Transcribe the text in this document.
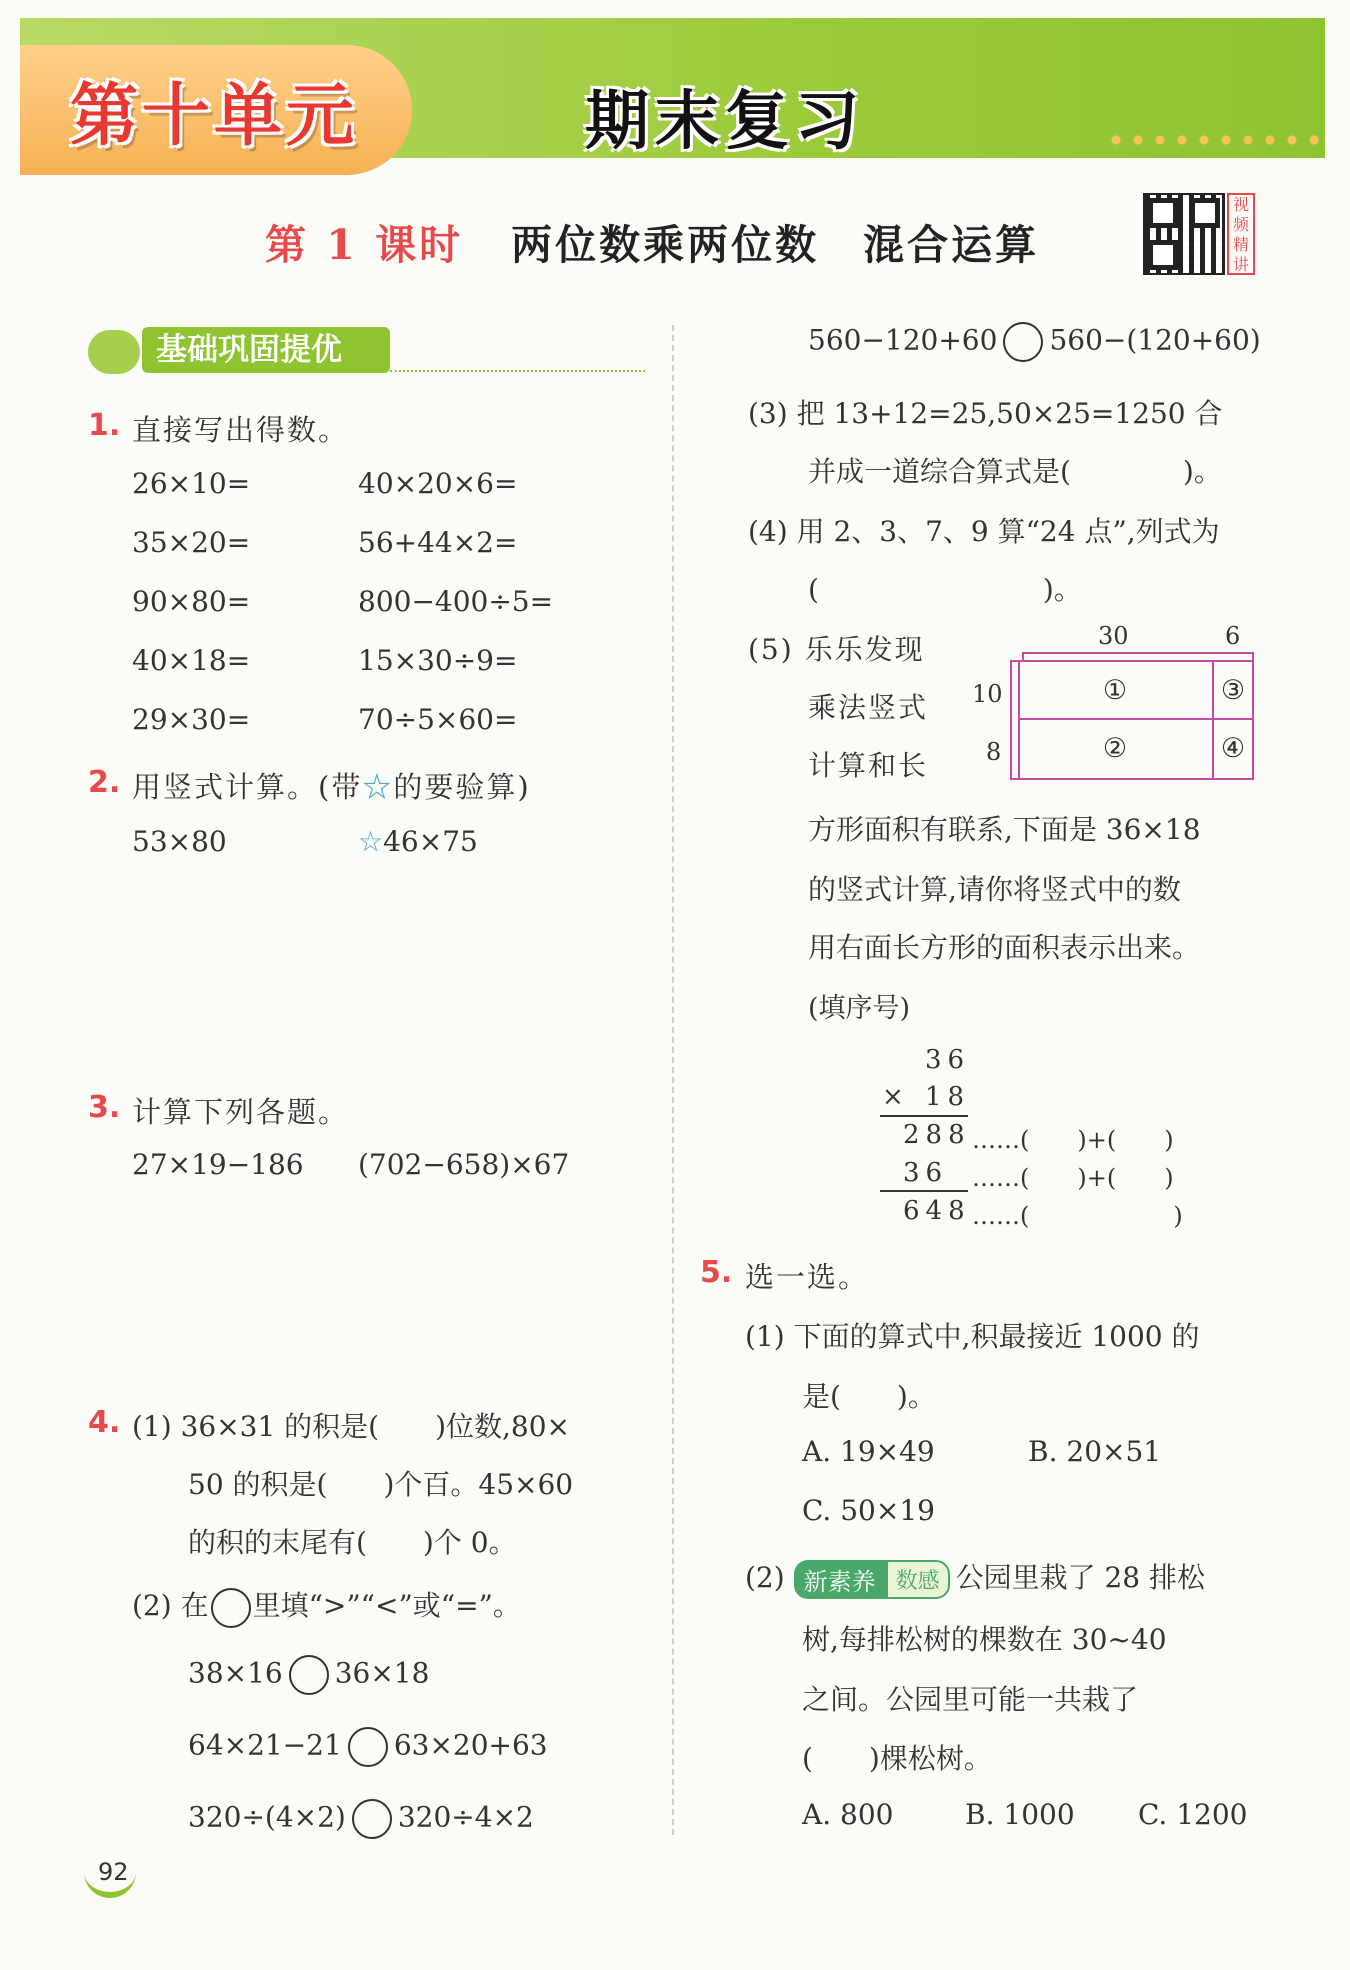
第十单元	期末复习
第 1 课时 两位数乘两位数　混合运算
视频精讲
基础巩固提优
1. 直接写出得数。
26×10=	40×20×6=
35×20=	56+44×2=
90×80=	800−400÷5=
40×18=	15×30÷9=
29×30=	70÷5×60=
2. 用竖式计算。(带☆的要验算)
53×80	☆46×75
3. 计算下列各题。
27×19−186 (702−658)×67
4. (1) 36×31 的积是(　　)位数,80×
50 的积是(　　)个百。45×60
的积的末尾有(　　)个 0。
(2) 在 里填“>”“<”或“=”。
38×16 36×18
64×21−21 63×20+63
320÷(4×2) 320÷4×2
560−120+60 560−(120+60)
(3) 把 13+12=25,50×25=1250 合
并成一道综合算式是(　　　　)。
(4) 用 2、3、7、9 算“24 点”,列式为
(　　　　　　　　)。
(5) 乐乐发现
乘法竖式
计算和长
30	6
10
8
①	③
②	④
方形面积有联系,下面是 36×18
的竖式计算,请你将竖式中的数
用右面长方形的面积表示出来。
(填序号)
36
× 18
288 ……(　　)+(　　)
36 ……(　　)+(　　)
648 ……(　　　　　　)
5. 选一选。
(1) 下面的算式中,积最接近 1000 的
是(　　)。
A. 19×49	B. 20×51
C. 50×19
(2) 新素养 数感 公园里栽了 28 排松
树,每排松树的棵数在 30~40
之间。公园里可能一共栽了
(　　)棵松树。
A. 800	B. 1000 C. 1200
92
